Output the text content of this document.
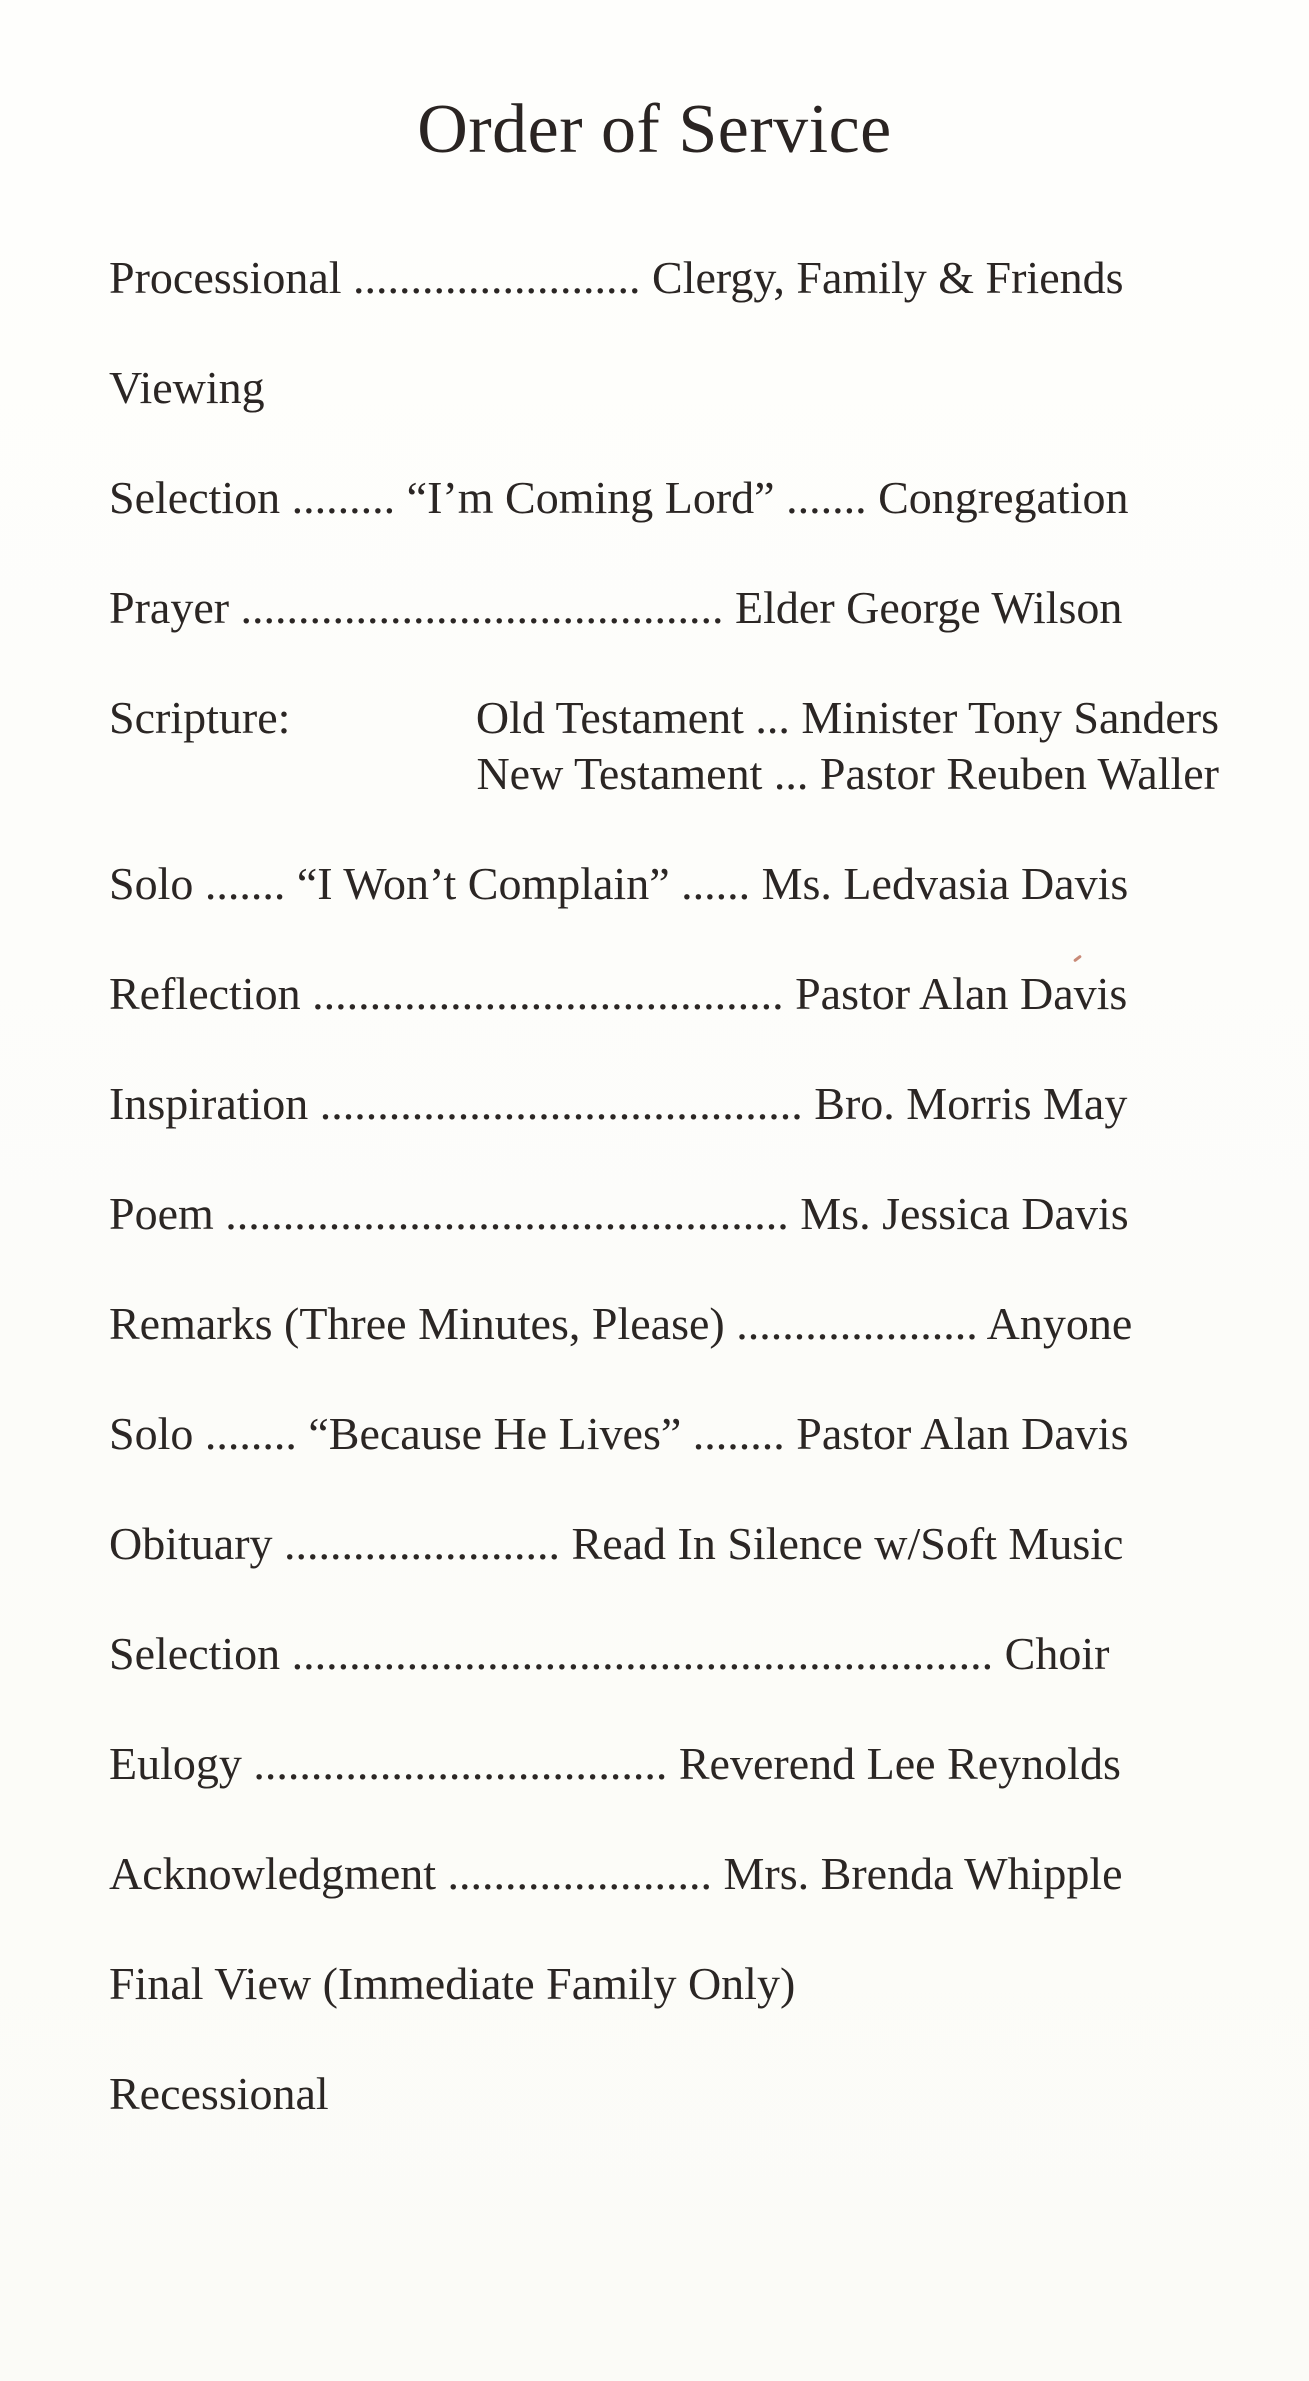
Order of Service
Processional ......................... Clergy, Family & Friends
Viewing
Selection ......... “I’m Coming Lord” ....... Congregation
Prayer .......................................... Elder George Wilson
Scripture:	Old Testament ... Minister Tony Sanders
New Testament ... Pastor Reuben Waller
Solo ....... “I Won’t Complain” ...... Ms. Ledvasia Davis
Reflection ......................................... Pastor Alan Davis
Inspiration .......................................... Bro. Morris May
Poem ................................................. Ms. Jessica Davis
Remarks (Three Minutes, Please) ..................... Anyone
Solo ........ “Because He Lives” ........ Pastor Alan Davis
Obituary ........................ Read In Silence w/Soft Music
Selection ............................................................. Choir
Eulogy .................................... Reverend Lee Reynolds
Acknowledgment ....................... Mrs. Brenda Whipple
Final View (Immediate Family Only)
Recessional
